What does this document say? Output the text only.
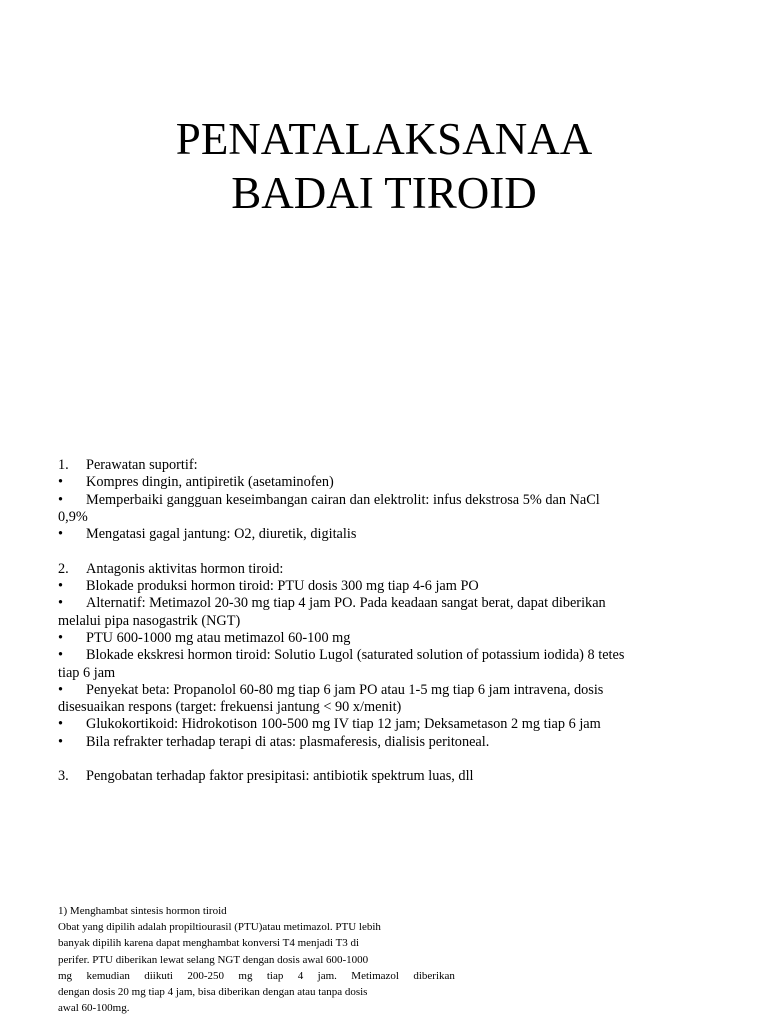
PENATALAKSANAA
BADAI TIROID
1. Perawatan suportif:
• Kompres dingin, antipiretik (asetaminofen)
• Memperbaiki gangguan keseimbangan cairan dan elektrolit: infus dekstrosa 5% dan NaCl
0,9%
• Mengatasi gagal jantung: O2, diuretik, digitalis
2. Antagonis aktivitas hormon tiroid:
• Blokade produksi hormon tiroid: PTU dosis 300 mg tiap 4-6 jam PO
• Alternatif: Metimazol 20-30 mg tiap 4 jam PO. Pada keadaan sangat berat, dapat diberikan
melalui pipa nasogastrik (NGT)
• PTU 600-1000 mg atau metimazol 60-100 mg
• Blokade ekskresi hormon tiroid: Solutio Lugol (saturated solution of potassium iodida) 8 tetes
tiap 6 jam
• Penyekat beta: Propanolol 60-80 mg tiap 6 jam PO atau 1-5 mg tiap 6 jam intravena, dosis
disesuaikan respons (target: frekuensi jantung < 90 x/menit)
• Glukokortikoid: Hidrokotison 100-500 mg IV tiap 12 jam; Deksametason 2 mg tiap 6 jam
• Bila refrakter terhadap terapi di atas: plasmaferesis, dialisis peritoneal.
3. Pengobatan terhadap faktor presipitasi: antibiotik spektrum luas, dll
1) Menghambat sintesis hormon tiroid
Obat yang dipilih adalah propiltiourasil (PTU)atau metimazol. PTU lebih
banyak dipilih karena dapat menghambat konversi T4 menjadi T3 di
perifer. PTU diberikan lewat selang NGT dengan dosis awal 600-1000
mg kemudian diikuti 200-250 mg tiap 4 jam. Metimazol diberikan
dengan dosis 20 mg tiap 4 jam, bisa diberikan dengan atau tanpa dosis
awal 60-100mg.
